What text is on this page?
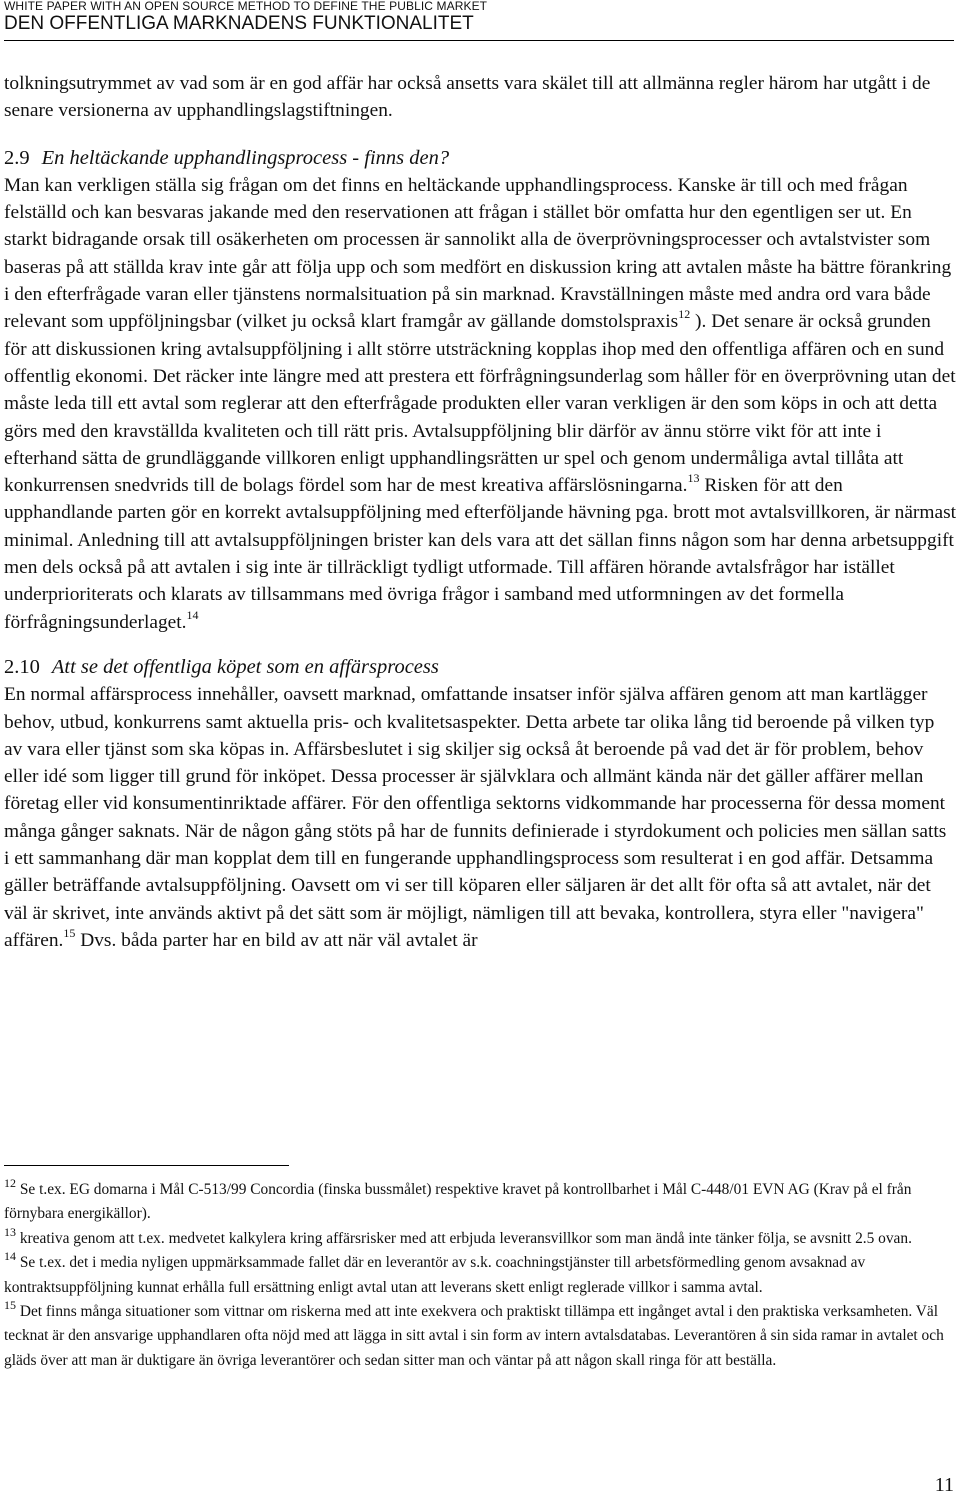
WHITE PAPER WITH AN OPEN SOURCE METHOD TO DEFINE THE PUBLIC MARKET
DEN OFFENTLIGA MARKNADENS FUNKTIONALITET

tolkningsutrymmet av vad som är en god affär har också ansetts vara skälet till att allmänna regler härom har utgått i de senare versionerna av upphandlingslagstiftningen.

2.9 En heltäckande upphandlingsprocess - finns den?

Man kan verkligen ställa sig frågan om det finns en heltäckande upphandlingsprocess. Kanske är till och med frågan felställd och kan besvaras jakande med den reservationen att frågan i stället bör omfatta hur den egentligen ser ut. En starkt bidragande orsak till osäkerheten om processen är sannolikt alla de överprövningsprocesser och avtalstvister som baseras på att ställda krav inte går att följa upp och som medfört en diskussion kring att avtalen måste ha bättre förankring i den efterfrågade varan eller tjänstens normalsituation på sin marknad. Kravställningen måste med andra ord vara både relevant som uppföljningsbar (vilket ju också klart framgår av gällande domstolspraxis$^{12}$ ). Det senare är också grunden för att diskussionen kring avtalsuppföljning i allt större utsträckning kopplas ihop med den offentliga affären och en sund offentlig ekonomi. Det räcker inte längre med att prestera ett förfrågningsunderlag som håller för en överprövning utan det måste leda till ett avtal som reglerar att den efterfrågade produkten eller varan verkligen är den som köps in och att detta görs med den kravställda kvaliteten och till rätt pris. Avtalsuppföljning blir därför av ännu större vikt för att inte i efterhand sätta de grundläggande villkoren enligt upphandlingsrätten ur spel och genom undermåliga avtal tillåta att konkurrensen snedvrids till de bolags fördel som har de mest kreativa affärslösningarna.$^{13}$ Risken för att den upphandlande parten gör en korrekt avtalsuppföljning med efterföljande hävning pga. brott mot avtalsvillkoren, är närmast minimal. Anledning till att avtalsuppföljningen brister kan dels vara att det sällan finns någon som har denna arbetsuppgift men dels också på att avtalen i sig inte är tillräckligt tydligt utformade. Till affären hörande avtalsfrågor har istället underprioriterats och klarats av tillsammans med övriga frågor i samband med utformningen av det formella förfrågningsunderlaget.$^{14}$

2.10 Att se det offentliga köpet som en affärsprocess

En normal affärsprocess innehåller, oavsett marknad, omfattande insatser inför själva affären genom att man kartlägger behov, utbud, konkurrens samt aktuella pris- och kvalitetsaspekter. Detta arbete tar olika lång tid beroende på vilken typ av vara eller tjänst som ska köpas in. Affärsbeslutet i sig skiljer sig också åt beroende på vad det är för problem, behov eller idé som ligger till grund för inköpet. Dessa processer är självklara och allmänt kända när det gäller affärer mellan företag eller vid konsumentinriktade affärer. För den offentliga sektorns vidkommande har processerna för dessa moment många gånger saknats. När de någon gång stöts på har de funnits definierade i styrdokument och policies men sällan satts i ett sammanhang där man kopplat dem till en fungerande upphandlingsprocess som resulterat i en god affär. Detsamma gäller beträffande avtalsuppföljning. Oavsett om vi ser till köparen eller säljaren är det allt för ofta så att avtalet, när det väl är skrivet, inte används aktivt på det sätt som är möjligt, nämligen till att bevaka, kontrollera, styra eller "navigera" affären.$^{15}$ Dvs. båda parter har en bild av att när väl avtalet är

$^{12}$ Se t.ex. EG domarna i Mål C-513/99 Concordia (finska bussmålet) respektive kravet på kontrollbarhet i Mål C-448/01 EVN AG (Krav på el från förnybara energikällor).

$^{13}$ kreativa genom att t.ex. medvetet kalkylera kring affärsrisker med att erbjuda leveransvillkor som man ändå inte tänker följa, se avsnitt 2.5 ovan.

$^{14}$ Se t.ex. det i media nyligen uppmärksammade fallet där en leverantör av s.k. coachningstjänster till arbetsförmedling genom avsaknad av kontraktsuppföljning kunnat erhålla full ersättning enligt avtal utan att leverans skett enligt reglerade villkor i samma avtal.

$^{15}$ Det finns många situationer som vittnar om riskerna med att inte exekvera och praktiskt tillämpa ett ingånget avtal i den praktiska verksamheten. Väl tecknat är den ansvarige upphandlaren ofta nöjd med att lägga in sitt avtal i sin form av intern avtalsdatabas. Leverantören å sin sida ramar in avtalet och gläds över att man är duktigare än övriga leverantörer och sedan sitter man och väntar på att någon skall ringa för att beställa.

11
